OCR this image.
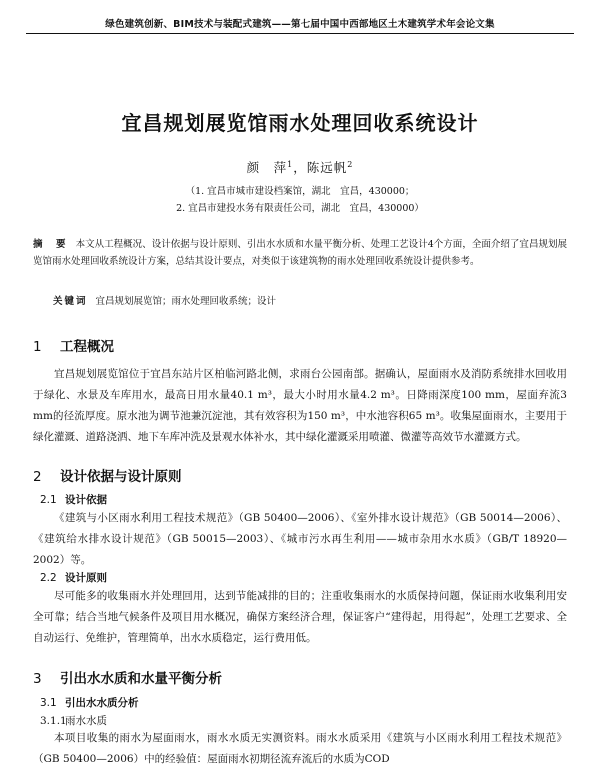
绿色建筑创新、BIM技术与装配式建筑——第七届中国中西部地区土木建筑学术年会论文集
宜昌规划展览馆雨水处理回收系统设计
颜　萍$^1$，陈远帆$^2$
（1. 宜昌市城市建设档案馆，湖北　宜昌，430000；
2. 宜昌市建投水务有限责任公司，湖北　宜昌，430000）
摘　要 本文从工程概况、设计依据与设计原则、引出水水质和水量平衡分析、处理工艺设计4个方面，全面介绍了宜昌规划展览馆雨水处理回收系统设计方案，总结其设计要点，对类似于该建筑物的雨水处理回收系统设计提供参考。
关键词 宜昌规划展览馆；雨水处理回收系统；设计
1 工程概况
宜昌规划展览馆位于宜昌东站片区柏临河路北侧，求雨台公园南部。据确认，屋面雨水及消防系统排水回收用于绿化、水景及车库用水，最高日用水量40.1 m³，最大小时用水量4.2 m³。日降雨深度100 mm，屋面弃流3 mm的径流厚度。原水池为调节池兼沉淀池，其有效容积为150 m³，中水池容积65 m³。收集屋面雨水，主要用于绿化灌溉、道路浇洒、地下车库冲洗及景观水体补水，其中绿化灌溉采用喷灌、微灌等高效节水灌溉方式。
2 设计依据与设计原则
2.1 设计依据
《建筑与小区雨水利用工程技术规范》（GB 50400—2006）、《室外排水设计规范》（GB 50014—2006）、《建筑给水排水设计规范》（GB 50015—2003）、《城市污水再生利用——城市杂用水水质》（GB/T 18920—2002）等。
2.2 设计原则
尽可能多的收集雨水并处理回用，达到节能减排的目的；注重收集雨水的水质保持问题，保证雨水收集利用安全可靠；结合当地气候条件及项目用水概况，确保方案经济合理，保证客户“建得起，用得起”，处理工艺要求、全自动运行、免维护，管理简单，出水水质稳定，运行费用低。
3 引出水水质和水量平衡分析
3.1 引出水水质分析
3.1.1雨水水质
本项目收集的雨水为屋面雨水，雨水水质无实测资料。雨水水质采用《建筑与小区雨水利用工程技术规范》（GB 50400—2006）中的经验值：屋面雨水初期径流弃流后的水质为COD
